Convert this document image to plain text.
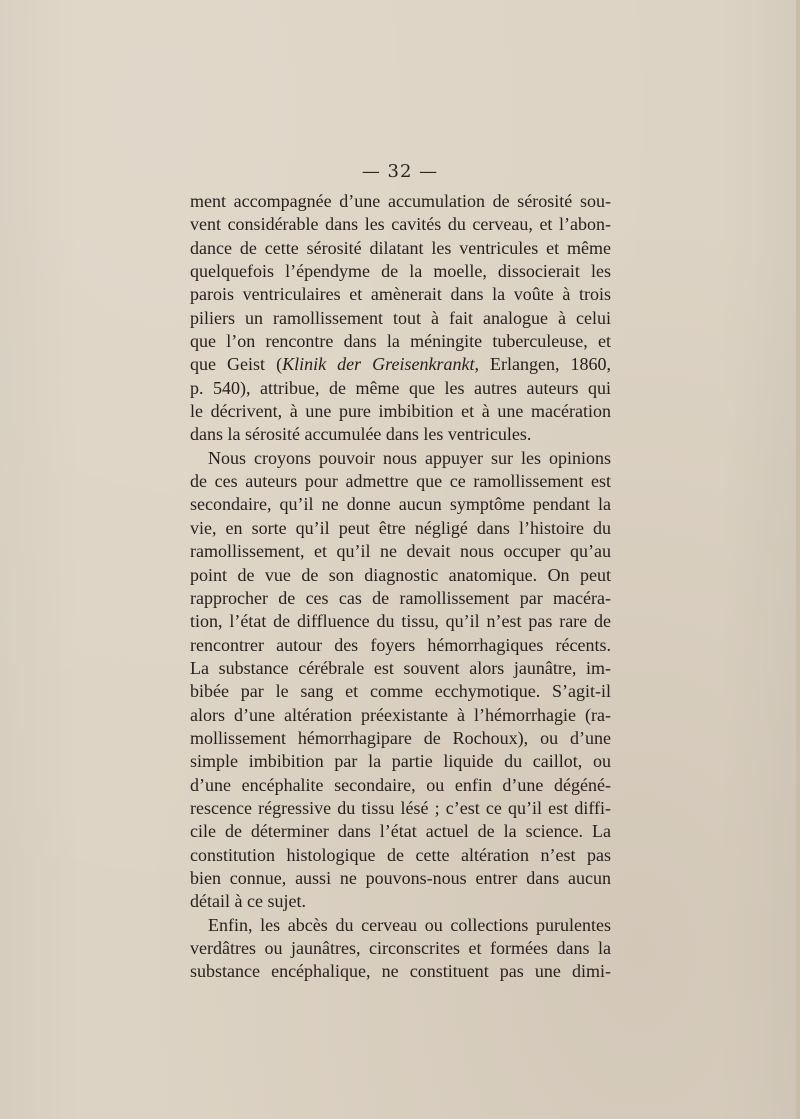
— 32 —
ment accompagnée d’une accumulation de sérosité sou-
vent considérable dans les cavités du cerveau, et l’abon-
dance de cette sérosité dilatant les ventricules et même
quelquefois l’épendyme de la moelle, dissocierait les
parois ventriculaires et amènerait dans la voûte à trois
piliers un ramollissement tout à fait analogue à celui
que l’on rencontre dans la méningite tuberculeuse, et
que Geist (Klinik der Greisenkrankt, Erlangen, 1860,
p. 540), attribue, de même que les autres auteurs qui
le décrivent, à une pure imbibition et à une macération
dans la sérosité accumulée dans les ventricules.
Nous croyons pouvoir nous appuyer sur les opinions
de ces auteurs pour admettre que ce ramollissement est
secondaire, qu’il ne donne aucun symptôme pendant la
vie, en sorte qu’il peut être négligé dans l’histoire du
ramollissement, et qu’il ne devait nous occuper qu’au
point de vue de son diagnostic anatomique. On peut
rapprocher de ces cas de ramollissement par macéra-
tion, l’état de diffluence du tissu, qu’il n’est pas rare de
rencontrer autour des foyers hémorrhagiques récents.
La substance cérébrale est souvent alors jaunâtre, im-
bibée par le sang et comme ecchymotique. S’agit-il
alors d’une altération préexistante à l’hémorrhagie (ra-
mollissement hémorrhagipare de Rochoux), ou d’une
simple imbibition par la partie liquide du caillot, ou
d’une encéphalite secondaire, ou enfin d’une dégéné-
rescence régressive du tissu lésé ; c’est ce qu’il est diffi-
cile de déterminer dans l’état actuel de la science. La
constitution histologique de cette altération n’est pas
bien connue, aussi ne pouvons-nous entrer dans aucun
détail à ce sujet.
Enfin, les abcès du cerveau ou collections purulentes
verdâtres ou jaunâtres, circonscrites et formées dans la
substance encéphalique, ne constituent pas une dimi-
